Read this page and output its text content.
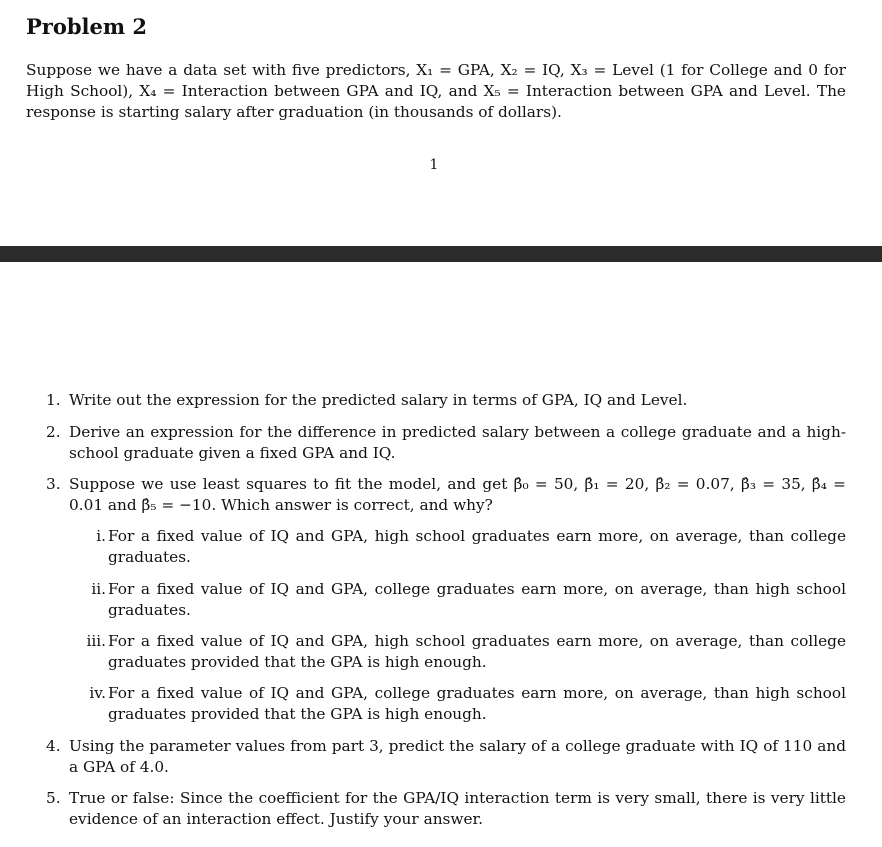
Problem 2

Suppose we have a data set with five predictors, X₁ = GPA, X₂ = IQ, X₃ = Level (1 for College and 0 for High School), X₄ = Interaction between GPA and IQ, and X₅ = Interaction between GPA and Level. The response is starting salary after graduation (in thousands of dollars).

1
1. Write out the expression for the predicted salary in terms of GPA, IQ and Level.
2. Derive an expression for the difference in predicted salary between a college graduate and a high-school graduate given a fixed GPA and IQ.
3. Suppose we use least squares to fit the model, and get β̂₀ = 50, β̂₁ = 20, β̂₂ = 0.07, β̂₃ = 35, β̂₄ = 0.01 and β̂₅ = −10. Which answer is correct, and why?
i. For a fixed value of IQ and GPA, high school graduates earn more, on average, than college graduates.
ii. For a fixed value of IQ and GPA, college graduates earn more, on average, than high school graduates.
iii. For a fixed value of IQ and GPA, high school graduates earn more, on average, than college graduates provided that the GPA is high enough.
iv. For a fixed value of IQ and GPA, college graduates earn more, on average, than high school graduates provided that the GPA is high enough.
4. Using the parameter values from part 3, predict the salary of a college graduate with IQ of 110 and a GPA of 4.0.
5. True or false: Since the coefficient for the GPA/IQ interaction term is very small, there is very little evidence of an interaction effect. Justify your answer.
